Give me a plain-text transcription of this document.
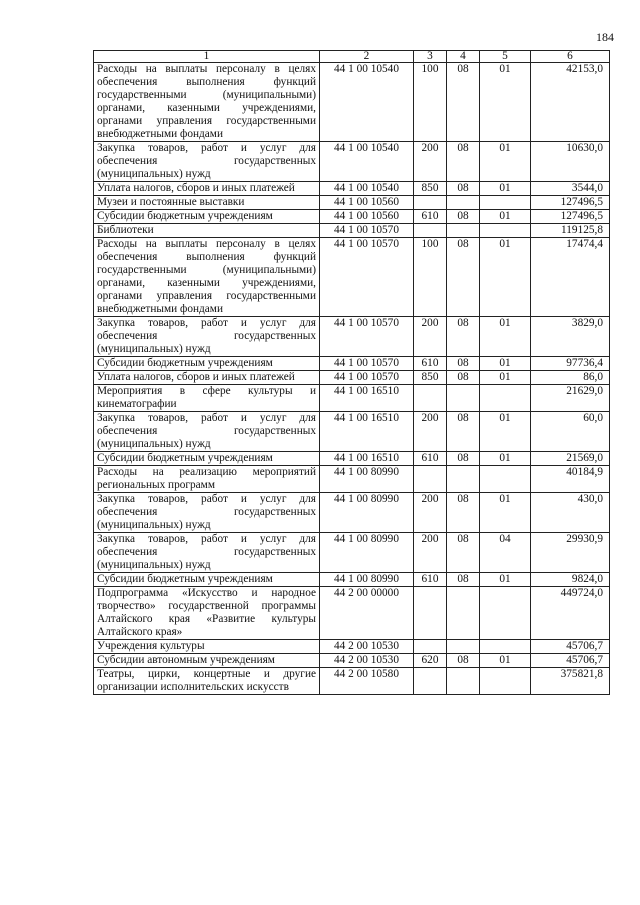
184
1	2	3	4	5	6
Расходы на выплаты персоналу в целях обеспечения выполнения функций государственными (муниципальными) органами, казенными учреждениями, органами управления государственными внебюджетными фондами	44 1 00 10540	100	08	01	42153,0
Закупка товаров, работ и услуг для обеспечения государственных (муниципальных) нужд	44 1 00 10540	200	08	01	10630,0
Уплата налогов, сборов и иных платежей	44 1 00 10540	850	08	01	3544,0
Музеи и постоянные выставки	44 1 00 10560				127496,5
Субсидии бюджетным учреждениям	44 1 00 10560	610	08	01	127496,5
Библиотеки	44 1 00 10570				119125,8
Расходы на выплаты персоналу в целях обеспечения выполнения функций государственными (муниципальными) органами, казенными учреждениями, органами управления государственными внебюджетными фондами	44 1 00 10570	100	08	01	17474,4
Закупка товаров, работ и услуг для обеспечения государственных (муниципальных) нужд	44 1 00 10570	200	08	01	3829,0
Субсидии бюджетным учреждениям	44 1 00 10570	610	08	01	97736,4
Уплата налогов, сборов и иных платежей	44 1 00 10570	850	08	01	86,0
Мероприятия в сфере культуры и кинематографии	44 1 00 16510				21629,0
Закупка товаров, работ и услуг для обеспечения государственных (муниципальных) нужд	44 1 00 16510	200	08	01	60,0
Субсидии бюджетным учреждениям	44 1 00 16510	610	08	01	21569,0
Расходы на реализацию мероприятий региональных программ	44 1 00 80990				40184,9
Закупка товаров, работ и услуг для обеспечения государственных (муниципальных) нужд	44 1 00 80990	200	08	01	430,0
Закупка товаров, работ и услуг для обеспечения государственных (муниципальных) нужд	44 1 00 80990	200	08	04	29930,9
Субсидии бюджетным учреждениям	44 1 00 80990	610	08	01	9824,0
Подпрограмма «Искусство и народное творчество» государственной программы Алтайского края «Развитие культуры Алтайского края»	44 2 00 00000				449724,0
Учреждения культуры	44 2 00 10530				45706,7
Субсидии автономным учреждениям	44 2 00 10530	620	08	01	45706,7
Театры, цирки, концертные и другие организации исполнительских искусств	44 2 00 10580				375821,8
